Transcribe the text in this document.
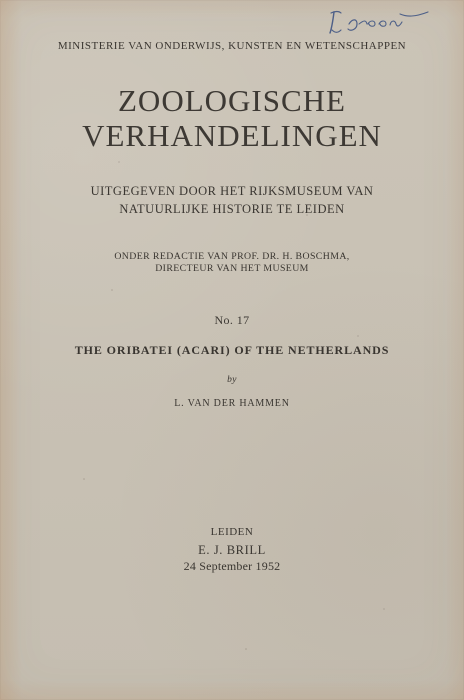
MINISTERIE VAN ONDERWIJS, KUNSTEN EN WETENSCHAPPEN
ZOOLOGISCHE
VERHANDELINGEN
UITGEGEVEN DOOR HET RIJKSMUSEUM VAN
NATUURLIJKE HISTORIE TE LEIDEN
ONDER REDACTIE VAN PROF. DR. H. BOSCHMA,
DIRECTEUR VAN HET MUSEUM
No. 17
THE ORIBATEI (ACARI) OF THE NETHERLANDS
by
L. VAN DER HAMMEN
LEIDEN
E. J. BRILL
24 September 1952
